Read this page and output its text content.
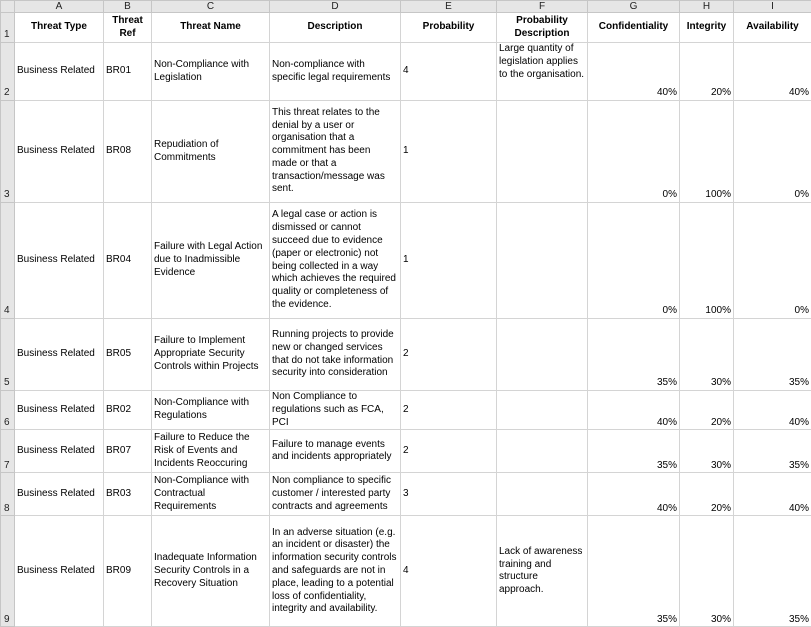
	A	B	C	D	E	F	G	H	I
1	Threat Type	Threat Ref	Threat Name	Description	Probability	Probability Description	Confidentiality	Integrity	Availability
2	Business Related	BR01	Non-Compliance with Legislation	Non-compliance with specific legal requirements	4	Large quantity of legislation applies to the organisation.	40%	20%	40%
3	Business Related	BR08	Repudiation of Commitments	This threat relates to the denial by a user or organisation that a commitment has been made or that a transaction/message was sent.	1		0%	100%	0%
4	Business Related	BR04	Failure with Legal Action due to Inadmissible Evidence	A legal case or action is dismissed or cannot succeed due to evidence (paper or electronic) not being collected in a way which achieves the required quality or completeness of the evidence.	1		0%	100%	0%
5	Business Related	BR05	Failure to Implement Appropriate Security Controls within Projects	Running projects to provide new or changed services that do not take information security into consideration	2		35%	30%	35%
6	Business Related	BR02	Non-Compliance with Regulations	Non Compliance to regulations such as FCA, PCI	2		40%	20%	40%
7	Business Related	BR07	Failure to Reduce the Risk of Events and Incidents Reoccuring	Failure to manage events and incidents appropriately	2		35%	30%	35%
8	Business Related	BR03	Non-Compliance with Contractual Requirements	Non compliance to specific customer / interested party contracts and agreements	3		40%	20%	40%
9	Business Related	BR09	Inadequate Information Security Controls in a Recovery Situation	In an adverse situation (e.g. an incident or disaster) the information security controls and safeguards are not in place, leading to a potential loss of confidentiality, integrity and availability.	4	Lack of awareness training and structure approach.	35%	30%	35%
